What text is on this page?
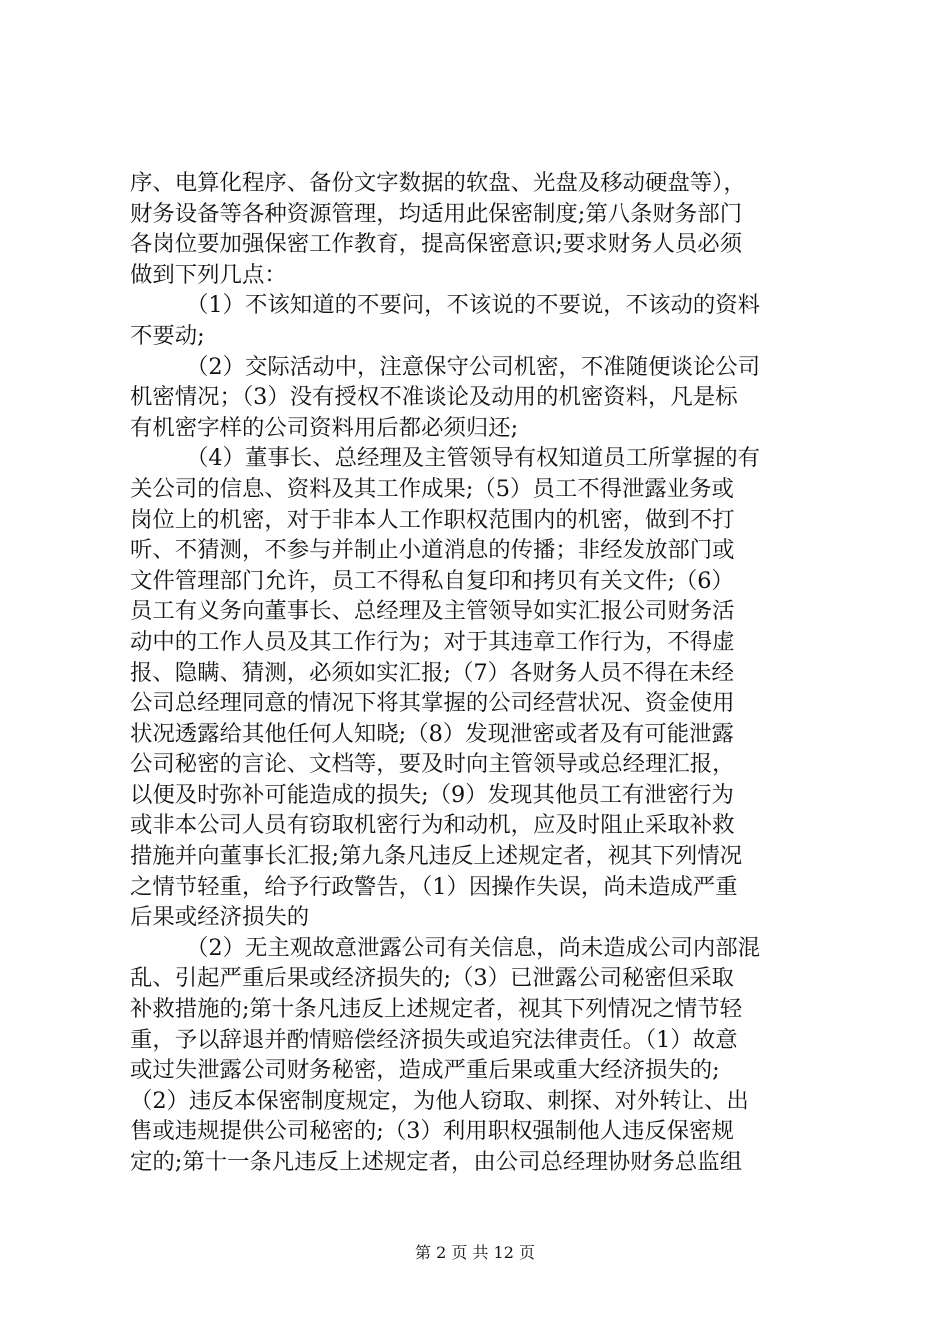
序、电算化程序、备份文字数据的软盘、光盘及移动硬盘等），
财务设备等各种资源管理，均适用此保密制度;第八条财务部门
各岗位要加强保密工作教育，提高保密意识;要求财务人员必须
做到下列几点：
（1）不该知道的不要问，不该说的不要说，不该动的资料
不要动;
（2）交际活动中，注意保守公司机密，不准随便谈论公司
机密情况；（3）没有授权不准谈论及动用的机密资料，凡是标
有机密字样的公司资料用后都必须归还;
（4）董事长、总经理及主管领导有权知道员工所掌握的有
关公司的信息、资料及其工作成果;（5）员工不得泄露业务或
岗位上的机密，对于非本人工作职权范围内的机密，做到不打
听、不猜测，不参与并制止小道消息的传播；非经发放部门或
文件管理部门允许，员工不得私自复印和拷贝有关文件;（6）
员工有义务向董事长、总经理及主管领导如实汇报公司财务活
动中的工作人员及其工作行为；对于其违章工作行为，不得虚
报、隐瞒、猜测，必须如实汇报;（7）各财务人员不得在未经
公司总经理同意的情况下将其掌握的公司经营状况、资金使用
状况透露给其他任何人知晓;（8）发现泄密或者及有可能泄露
公司秘密的言论、文档等，要及时向主管领导或总经理汇报，
以便及时弥补可能造成的损失;（9）发现其他员工有泄密行为
或非本公司人员有窃取机密行为和动机，应及时阻止采取补救
措施并向董事长汇报;第九条凡违反上述规定者，视其下列情况
之情节轻重，给予行政警告，（1）因操作失误，尚未造成严重
后果或经济损失的
（2）无主观故意泄露公司有关信息，尚未造成公司内部混
乱、引起严重后果或经济损失的;（3）已泄露公司秘密但采取
补救措施的;第十条凡违反上述规定者，视其下列情况之情节轻
重，予以辞退并酌情赔偿经济损失或追究法律责任。（1）故意
或过失泄露公司财务秘密，造成严重后果或重大经济损失的;
（2）违反本保密制度规定，为他人窃取、刺探、对外转让、出
售或违规提供公司秘密的;（3）利用职权强制他人违反保密规
定的;第十一条凡违反上述规定者，由公司总经理协财务总监组
第 2 页 共 12 页
